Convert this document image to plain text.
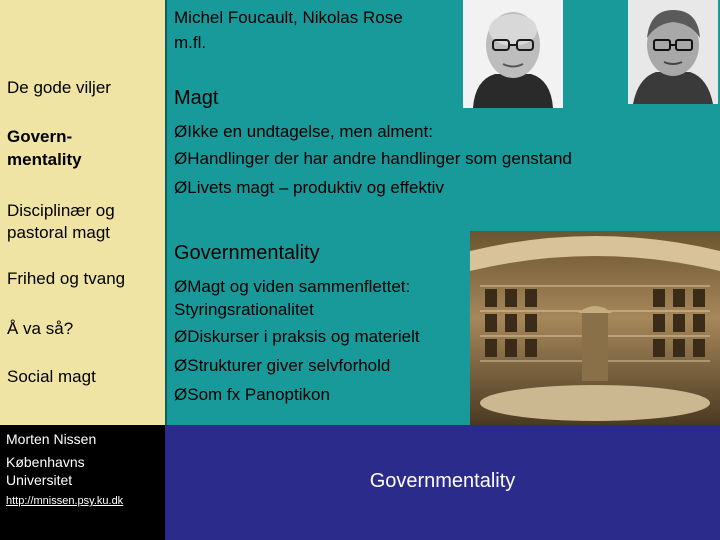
De gode viljer
Govern-
mentality
Disciplinær og
pastoral magt
Frihed og tvang
Å va så?
Social magt
Morten Nissen
Københavns
Universitet
http://mnissen.psy.ku.dk
Michel Foucault, Nikolas Rose
m.fl.
Magt
ØIkke en undtagelse, men alment:
ØHandlinger der har andre handlinger som genstand
ØLivets magt – produktiv og effektiv
Governmentality
ØMagt og viden sammenflettet:
Styringsrationalitet
ØDiskurser i praksis og materielt
ØStrukturer giver selvforhold
ØSom fx Panoptikon
Governmentality
